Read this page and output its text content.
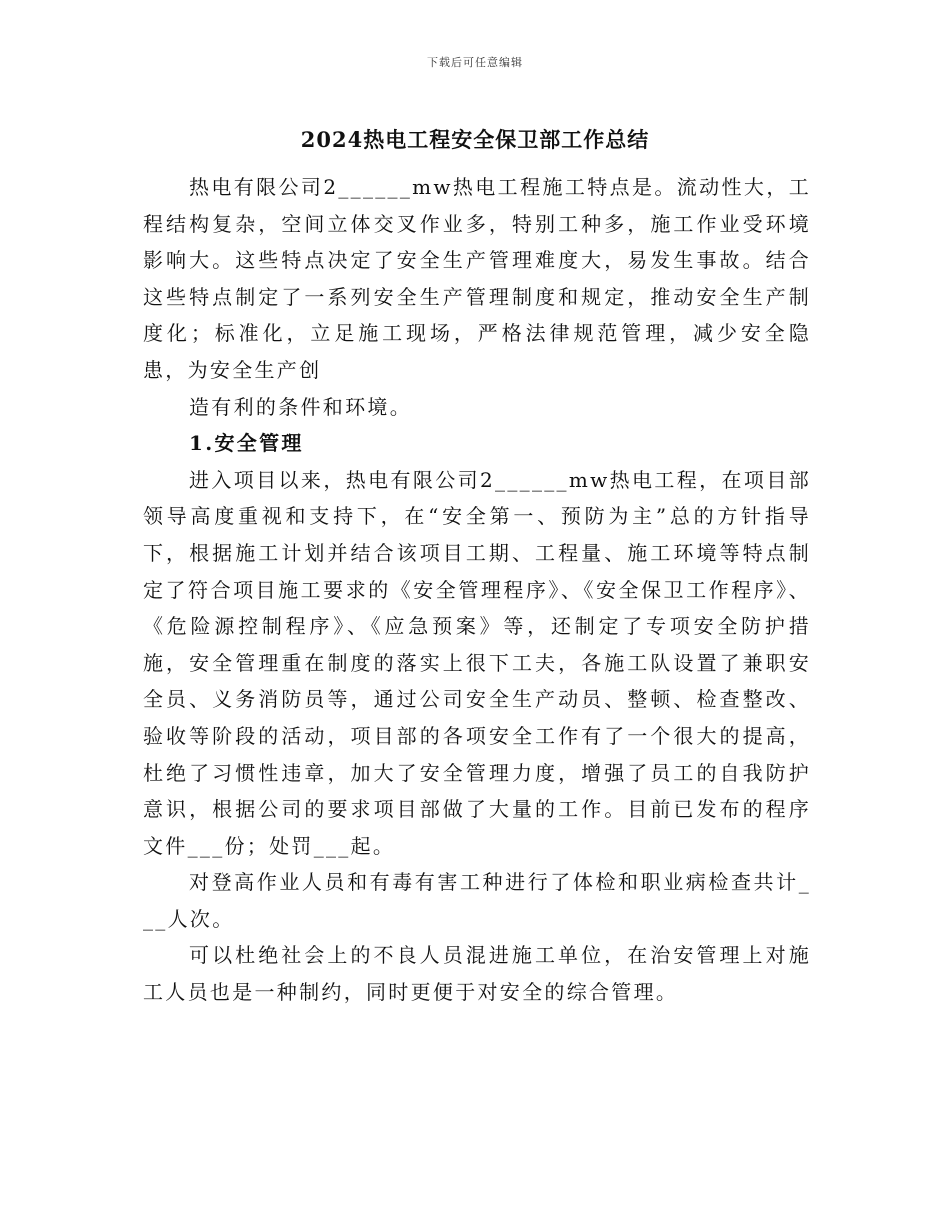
下载后可任意编辑
2024热电工程安全保卫部工作总结

热电有限公司2______mw热电工程施工特点是。流动性大，工程结构复杂，空间立体交叉作业多，特别工种多，施工作业受环境影响大。这些特点决定了安全生产管理难度大，易发生事故。结合这些特点制定了一系列安全生产管理制度和规定，推动安全生产制度化；标准化，立足施工现场，严格法律规范管理，减少安全隐患，为安全生产创

造有利的条件和环境。

1.安全管理

进入项目以来，热电有限公司2______mw热电工程，在项目部领导高度重视和支持下，在“安全第一、预防为主”总的方针指导下，根据施工计划并结合该项目工期、工程量、施工环境等特点制定了符合项目施工要求的《安全管理程序》、《安全保卫工作程序》、《危险源控制程序》、《应急预案》等，还制定了专项安全防护措施，安全管理重在制度的落实上很下工夫，各施工队设置了兼职安全员、义务消防员等，通过公司安全生产动员、整顿、检查整改、验收等阶段的活动，项目部的各项安全工作有了一个很大的提高，杜绝了习惯性违章，加大了安全管理力度，增强了员工的自我防护意识，根据公司的要求项目部做了大量的工作。目前已发布的程序文件___份；处罚___起。

对登高作业人员和有毒有害工种进行了体检和职业病检查共计___人次。

可以杜绝社会上的不良人员混进施工单位，在治安管理上对施工人员也是一种制约，同时更便于对安全的综合管理。
